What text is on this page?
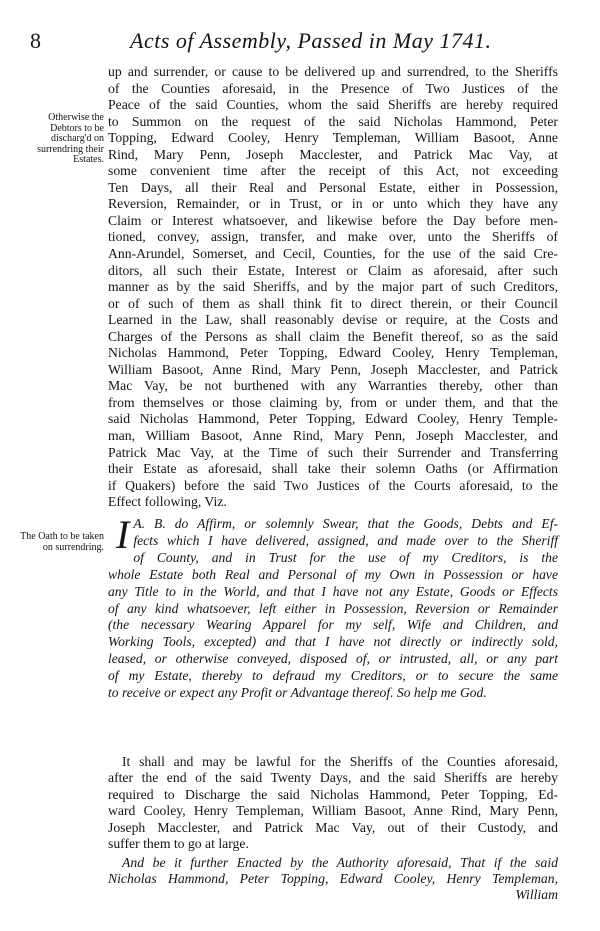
8	Acts of Assembly, Passed in May 1741.
Otherwise the Debtors to be discharg'd on surrendring their Estates.
The Oath to be taken on surrendring.
up and surrender, or cause to be delivered up and surrendred, to the Sheriffs
of the Counties aforesaid, in the Presence of Two Justices of the
Peace of the said Counties, whom the said Sheriffs are hereby required
to Summon on the request of the said Nicholas Hammond, Peter
Topping, Edward Cooley, Henry Templeman, William Basoot, Anne
Rind, Mary Penn, Joseph Macclester, and Patrick Mac Vay, at
some convenient time after the receipt of this Act, not exceeding
Ten Days, all their Real and Personal Estate, either in Possession,
Reversion, Remainder, or in Trust, or in or unto which they have any
Claim or Interest whatsoever, and likewise before the Day before men-
tioned, convey, assign, transfer, and make over, unto the Sheriffs of
Ann-Arundel, Somerset, and Cecil, Counties, for the use of the said Cre-
ditors, all such their Estate, Interest or Claim as aforesaid, after such
manner as by the said Sheriffs, and by the major part of such Creditors,
or of such of them as shall think fit to direct therein, or their Council
Learned in the Law, shall reasonably devise or require, at the Costs and
Charges of the Persons as shall claim the Benefit thereof, so as the said
Nicholas Hammond, Peter Topping, Edward Cooley, Henry Templeman,
William Basoot, Anne Rind, Mary Penn, Joseph Macclester, and Patrick
Mac Vay, be not burthened with any Warranties thereby, other than
from themselves or those claiming by, from or under them, and that the
said Nicholas Hammond, Peter Topping, Edward Cooley, Henry Temple-
man, William Basoot, Anne Rind, Mary Penn, Joseph Macclester, and
Patrick Mac Vay, at the Time of such their Surrender and Transferring
their Estate as aforesaid, shall take their solemn Oaths (or Affirmation
if Quakers) before the said Two Justices of the Courts aforesaid, to the
Effect following, Viz.
I A. B. do Affirm, or solemnly Swear, that the Goods, Debts and Ef-
fects which I have delivered, assigned, and made over to the Sheriff
of County, and in Trust for the use of my Creditors, is the
whole Estate both Real and Personal of my Own in Possession or have
any Title to in the World, and that I have not any Estate, Goods or Effects
of any kind whatsoever, left either in Possession, Reversion or Remainder
(the necessary Wearing Apparel for my self, Wife and Children, and
Working Tools, excepted) and that I have not directly or indirectly sold,
leased, or otherwise conveyed, disposed of, or intrusted, all, or any part
of my Estate, thereby to defraud my Creditors, or to secure the same
to receive or expect any Profit or Advantage thereof. So help me God.
It shall and may be lawful for the Sheriffs of the Counties aforesaid,
after the end of the said Twenty Days, and the said Sheriffs are hereby
required to Discharge the said Nicholas Hammond, Peter Topping, Ed-
ward Cooley, Henry Templeman, William Basoot, Anne Rind, Mary Penn,
Joseph Macclester, and Patrick Mac Vay, out of their Custody, and
suffer them to go at large.
And be it further Enacted by the Authority aforesaid, That if the said
Nicholas Hammond, Peter Topping, Edward Cooley, Henry Templeman,
William
